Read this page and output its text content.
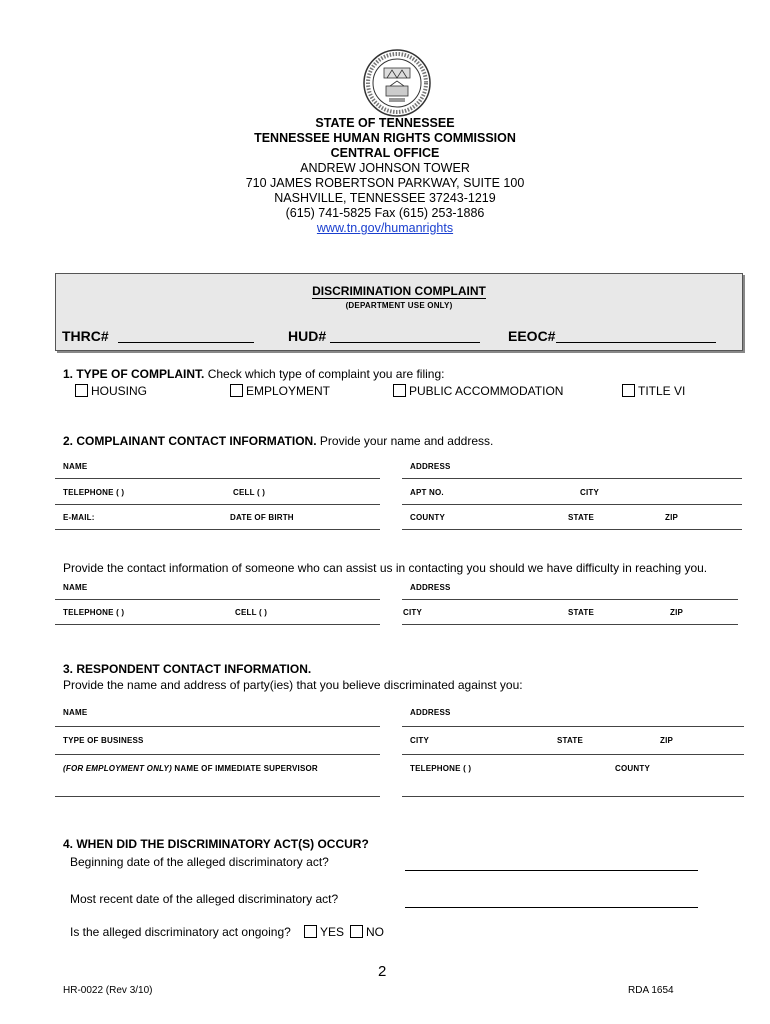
STATE OF TENNESSEE
TENNESSEE HUMAN RIGHTS COMMISSION
CENTRAL OFFICE
ANDREW JOHNSON TOWER
710 JAMES ROBERTSON PARKWAY, SUITE 100
NASHVILLE, TENNESSEE 37243-1219
(615) 741-5825 Fax (615) 253-1886
www.tn.gov/humanrights
DISCRIMINATION COMPLAINT
(DEPARTMENT USE ONLY)
THRC#	HUD#	EEOC#
1. TYPE OF COMPLAINT. Check which type of complaint you are filing:
HOUSING	EMPLOYMENT	PUBLIC ACCOMMODATION	TITLE VI
2. COMPLAINANT CONTACT INFORMATION. Provide your name and address.
NAME	ADDRESS
TELEPHONE ( )	CELL ( )	APT NO.	CITY
E-MAIL:	DATE OF BIRTH	COUNTY	STATE	ZIP
Provide the contact information of someone who can assist us in contacting you should we have difficulty in reaching you.
NAME	ADDRESS
TELEPHONE ( )	CELL ( )	CITY	STATE	ZIP
3. RESPONDENT CONTACT INFORMATION.
Provide the name and address of party(ies) that you believe discriminated against you:
NAME	ADDRESS
TYPE OF BUSINESS	CITY	STATE	ZIP
(FOR EMPLOYMENT ONLY) NAME OF IMMEDIATE SUPERVISOR	TELEPHONE ( )	COUNTY
4. WHEN DID THE DISCRIMINATORY ACT(S) OCCUR?
Beginning date of the alleged discriminatory act?
Most recent date of the alleged discriminatory act?
Is the alleged discriminatory act ongoing?	YES	NO
2
HR-0022 (Rev 3/10)	RDA 1654
